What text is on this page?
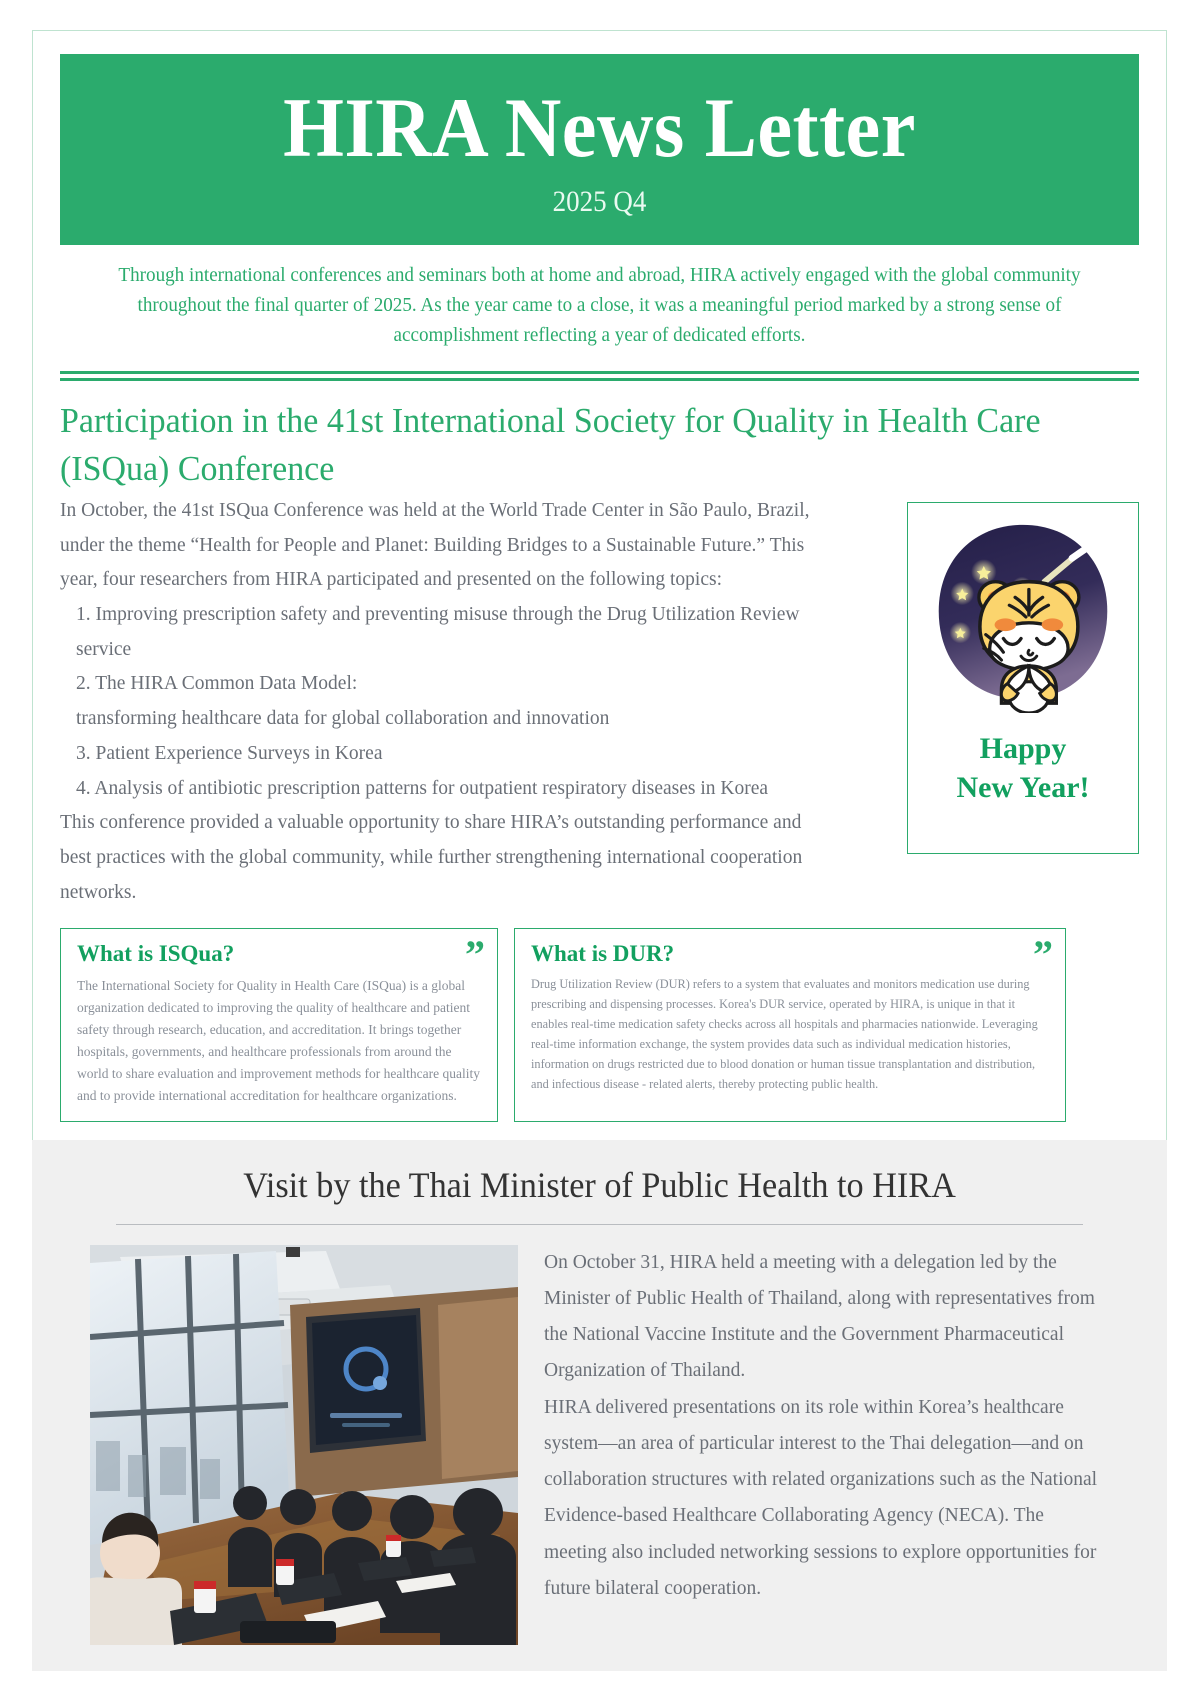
HIRA News Letter
2025 Q4
Through international conferences and seminars both at home and abroad, HIRA actively engaged with the global community throughout the final quarter of 2025. As the year came to a close, it was a meaningful period marked by a strong sense of accomplishment reflecting a year of dedicated efforts.
Participation in the 41st International Society for Quality in Health Care (ISQua) Conference
Happy
New Year!

In October, the 41st ISQua Conference was held at the World Trade Center in São Paulo, Brazil, under the theme “Health for People and Planet: Building Bridges to a Sustainable Future.” This year, four researchers from HIRA participated and presented on the following topics:

1. Improving prescription safety and preventing misuse through the Drug Utilization Review service
2. The HIRA Common Data Model:
transforming healthcare data for global collaboration and innovation
3. Patient Experience Surveys in Korea
4. Analysis of antibiotic prescription patterns for outpatient respiratory diseases in Korea

This conference provided a valuable opportunity to share HIRA’s outstanding performance and best practices with the global community, while further strengthening international cooperation networks.

”
What is ISQua?
The International Society for Quality in Health Care (ISQua) is a global organization dedicated to improving the quality of healthcare and patient safety through research, education, and accreditation. It brings together hospitals, governments, and healthcare professionals from around the world to share evaluation and improvement methods for healthcare quality and to provide international accreditation for healthcare organizations.
”
What is DUR?
Drug Utilization Review (DUR) refers to a system that evaluates and monitors medication use during prescribing and dispensing processes. Korea's DUR service, operated by HIRA, is unique in that it enables real-time medication safety checks across all hospitals and pharmacies nationwide. Leveraging real-time information exchange, the system provides data such as individual medication histories, information on drugs restricted due to blood donation or human tissue transplantation and distribution, and infectious disease - related alerts, thereby protecting public health.
Visit by the Thai Minister of Public Health to HIRA

On October 31, HIRA held a meeting with a delegation led by the Minister of Public Health of Thailand, along with representatives from the National Vaccine Institute and the Government Pharmaceutical Organization of Thailand.

HIRA delivered presentations on its role within Korea’s healthcare system—an area of particular interest to the Thai delegation—and on collaboration structures with related organizations such as the National Evidence-based Healthcare Collaborating Agency (NECA). The meeting also included networking sessions to explore opportunities for future bilateral cooperation.
